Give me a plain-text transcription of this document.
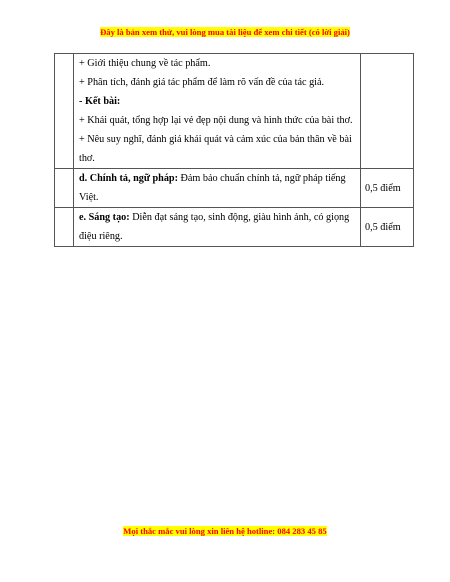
Đây là bản xem thử, vui lòng mua tài liệu để xem chi tiết (có lời giải)

	+ Giới thiệu chung về tác phẩm.
+ Phân tích, đánh giá tác phẩm để làm rõ vấn đề của tác giả.
- Kết bài:
+ Khái quát, tổng hợp lại vẻ đẹp nội dung và hình thức của bài thơ.
+ Nêu suy nghĩ, đánh giá khái quát và cảm xúc của bản thân về bài thơ.	

	d. Chính tả, ngữ pháp: Đảm bảo chuẩn chính tả, ngữ pháp tiếng Việt.	0,5 điểm
	e. Sáng tạo: Diễn đạt sáng tạo, sinh động, giàu hình ảnh, có giọng điệu riêng.	0,5 điểm
Mọi thắc mắc vui lòng xin liên hệ hotline: 084 283 45 85
